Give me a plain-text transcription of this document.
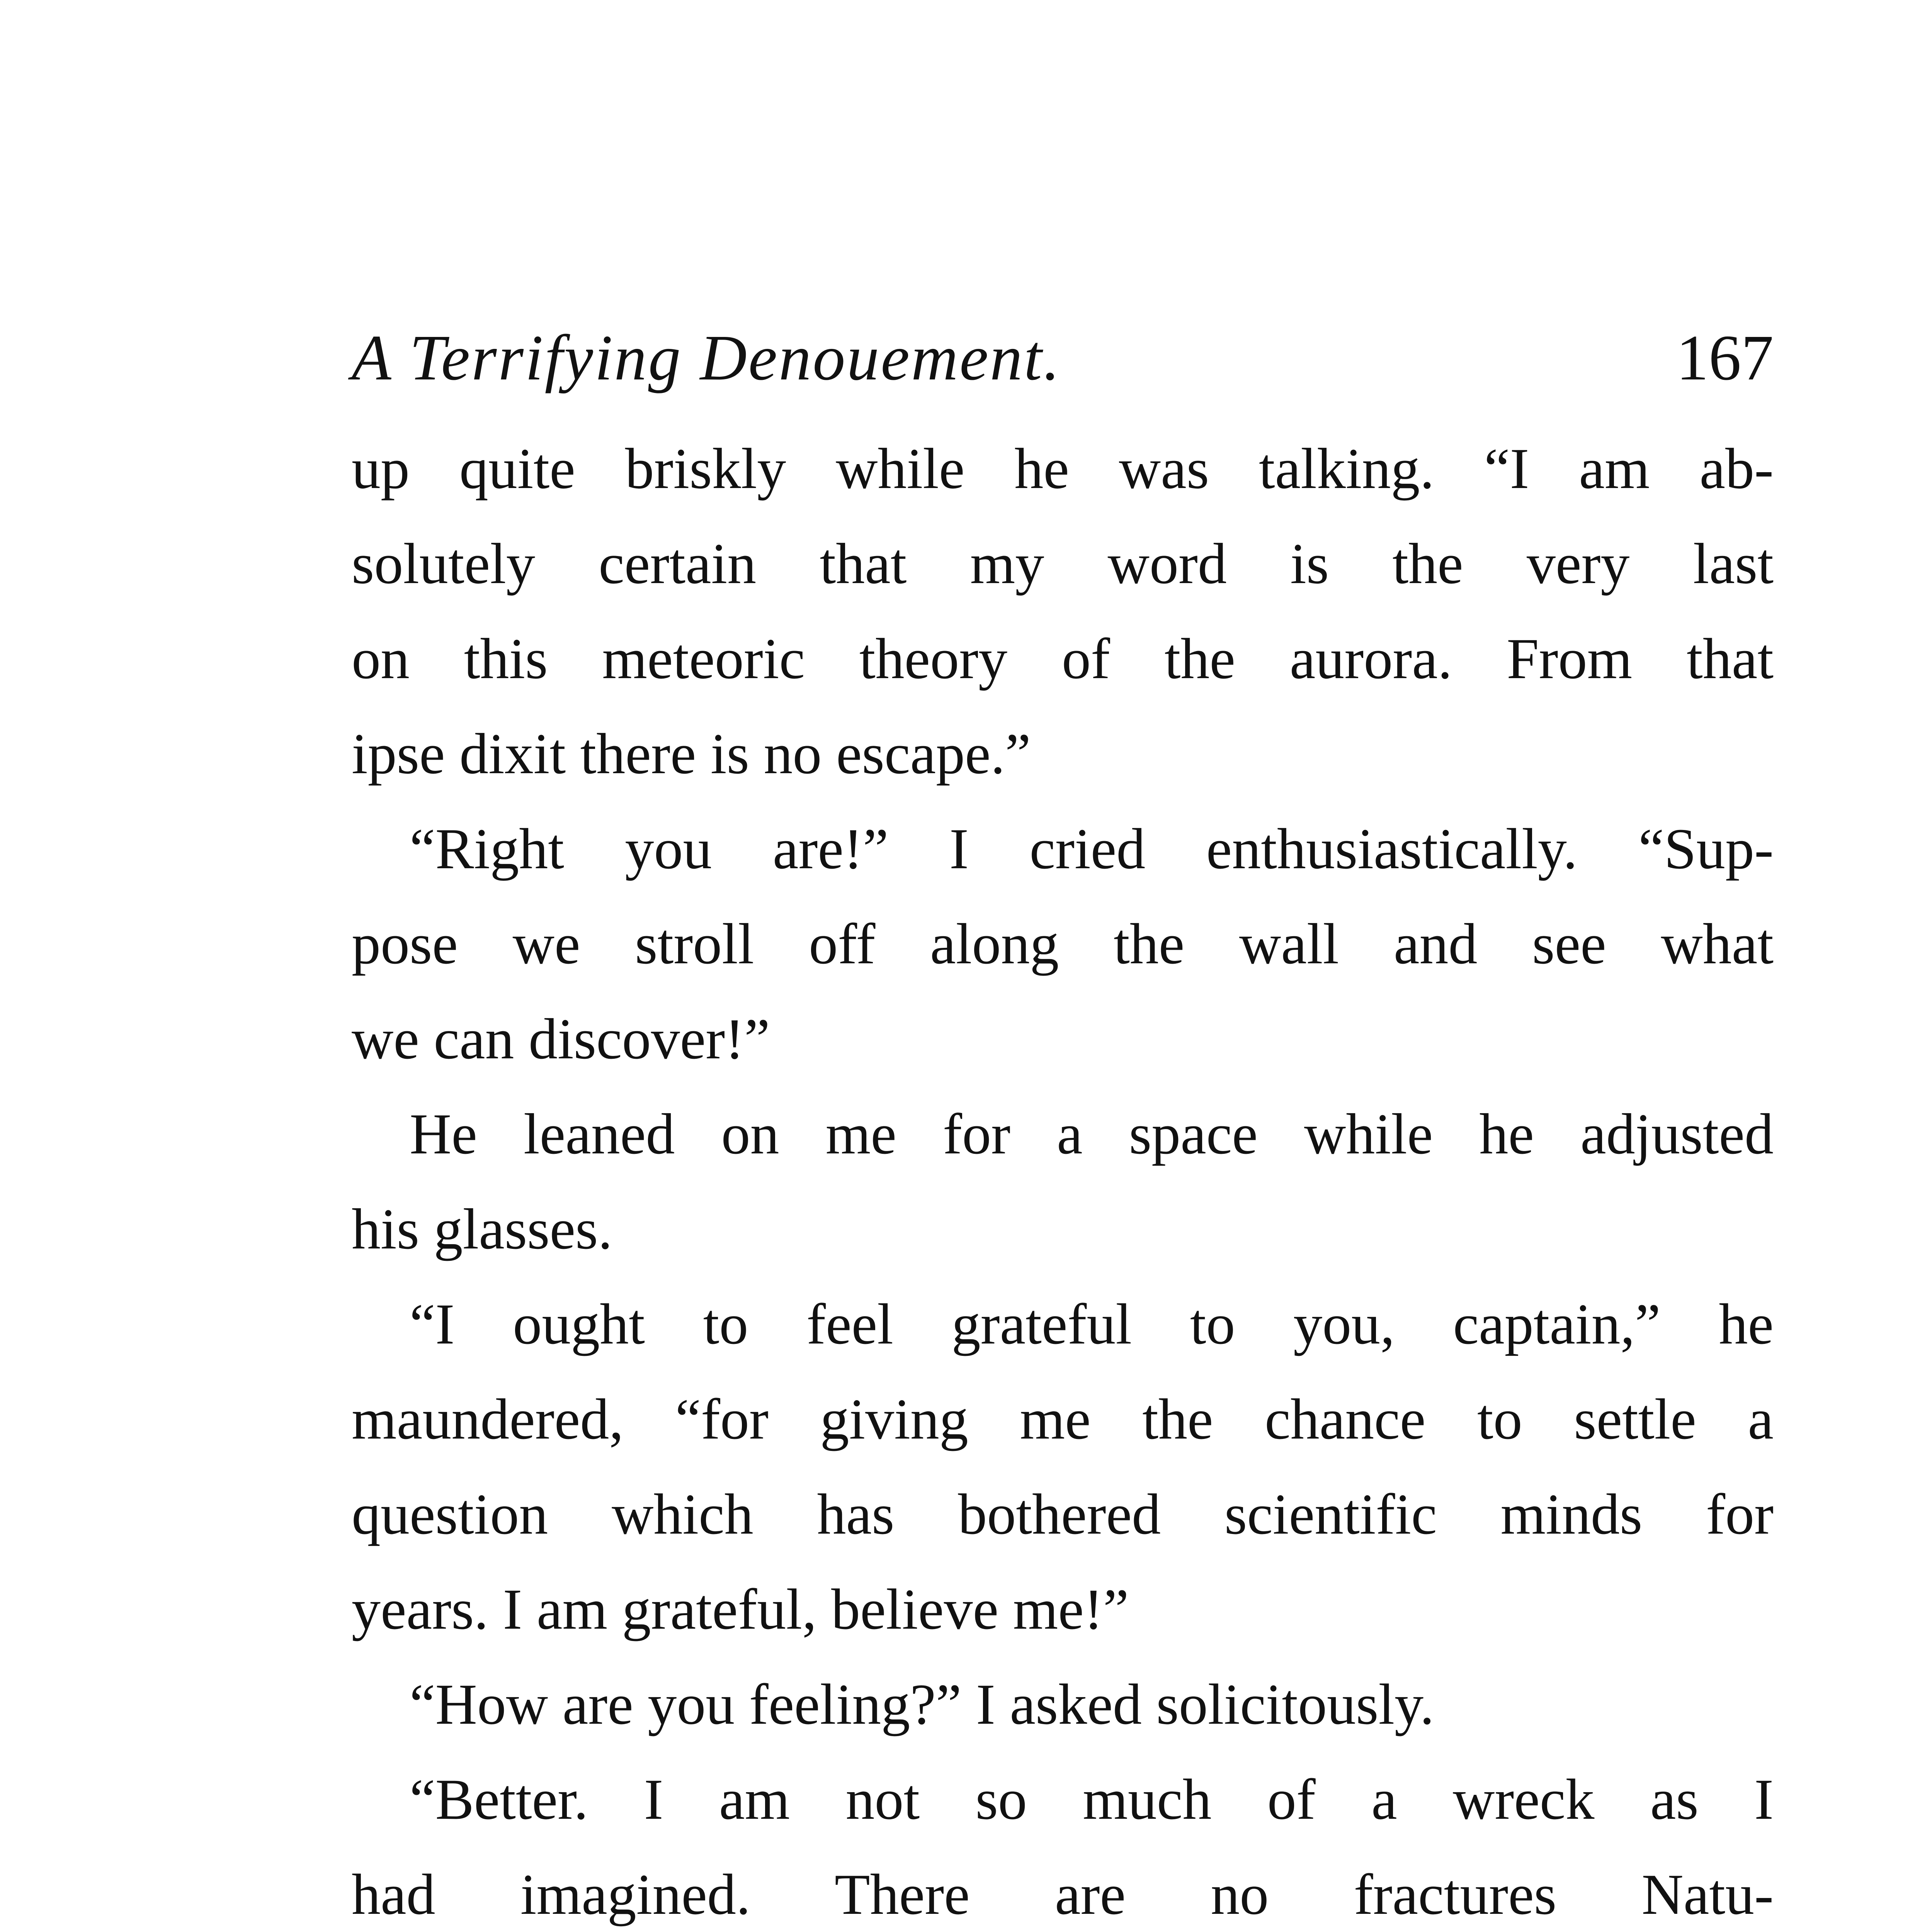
A Terrifying Denouement.	167
up quite briskly while he was talking. “I am ab-
solutely certain that my word is the very last
on this meteoric theory of the aurora. From that
ipse dixit there is no escape.”
“Right you are!” I cried enthusiastically. “Sup-
pose we stroll off along the wall and see what
we can discover!”
He leaned on me for a space while he adjusted
his glasses.
“I ought to feel grateful to you, captain,” he
maundered, “for giving me the chance to settle a
question which has bothered scientific minds for
years. I am grateful, believe me!”
“How are you feeling?” I asked solicitously.
“Better. I am not so much of a wreck as I
had imagined. There are no fractures Natu-
